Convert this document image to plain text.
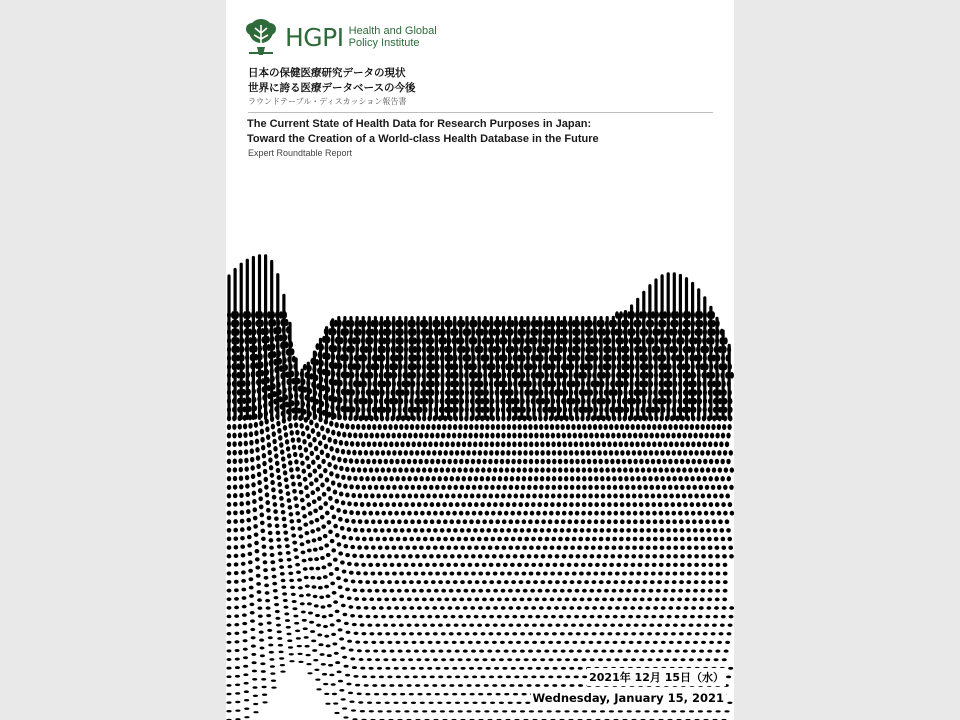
HGPI Health and Global
Policy Institute
日本の保健医療研究データの現状
世界に誇る医療データベースの今後
ラウンドテーブル・ディスカッション報告書
The Current State of Health Data for Research Purposes in Japan:
Toward the Creation of a World-class Health Database in the Future
Expert Roundtable Report
2021年 12月 15日（水）
Wednesday, January 15, 2021
